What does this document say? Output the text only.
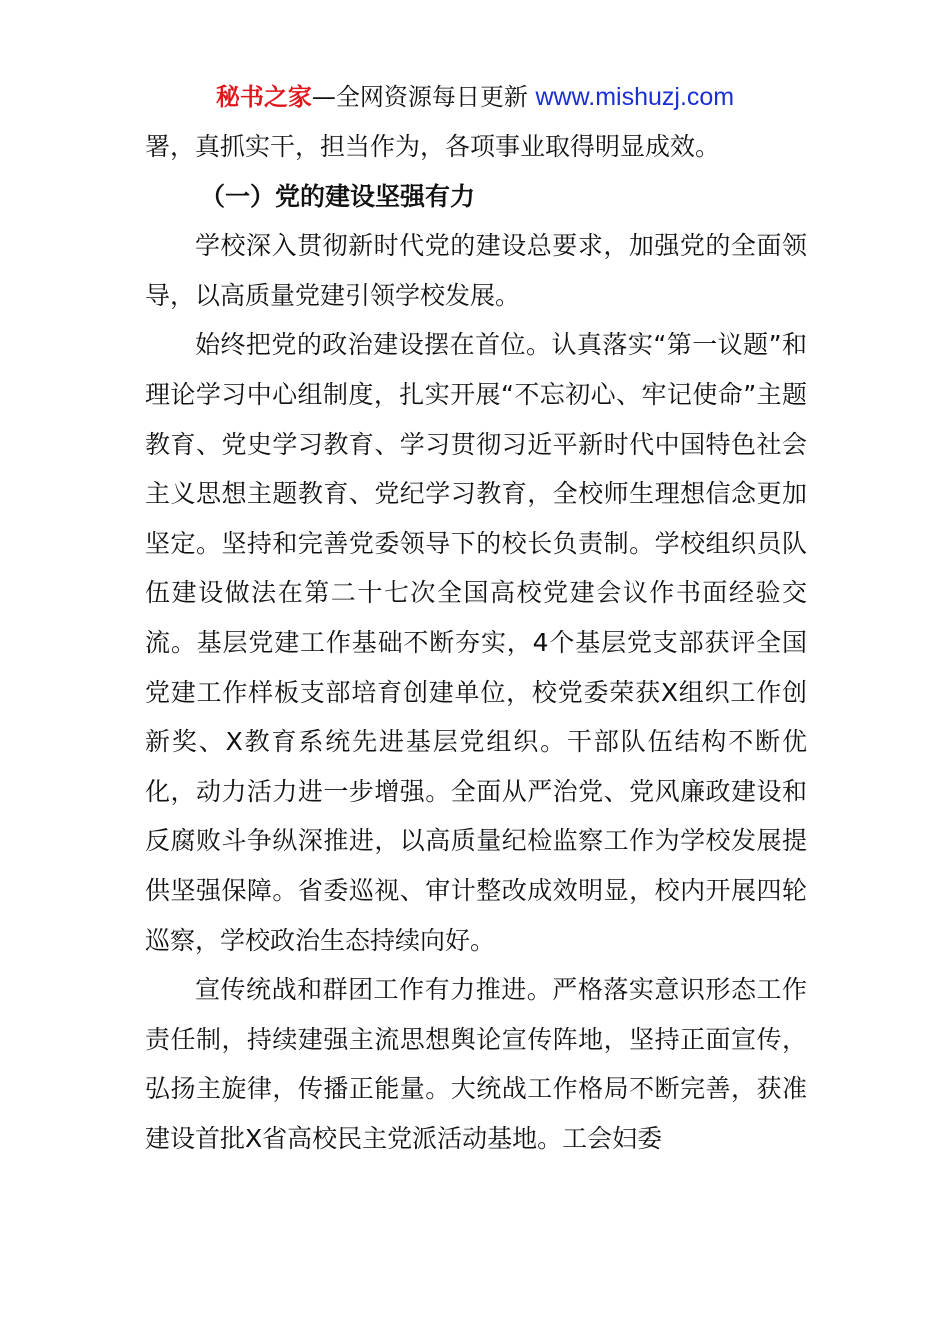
秘书之家—全网资源每日更新 www.mishuzj.com

署，真抓实干，担当作为，各项事业取得明显成效。

（一）党的建设坚强有力

学校深入贯彻新时代党的建设总要求，加强党的全面领导，以高质量党建引领学校发展。

始终把党的政治建设摆在首位。认真落实“第一议题”和理论学习中心组制度，扎实开展“不忘初心、牢记使命”主题教育、党史学习教育、学习贯彻习近平新时代中国特色社会主义思想主题教育、党纪学习教育，全校师生理想信念更加坚定。坚持和完善党委领导下的校长负责制。学校组织员队伍建设做法在第二十七次全国高校党建会议作书面经验交流。基层党建工作基础不断夯实，4个基层党支部获评全国党建工作样板支部培育创建单位，校党委荣获X组织工作创新奖、X教育系统先进基层党组织。干部队伍结构不断优化，动力活力进一步增强。全面从严治党、党风廉政建设和反腐败斗争纵深推进，以高质量纪检监察工作为学校发展提供坚强保障。省委巡视、审计整改成效明显，校内开展四轮巡察，学校政治生态持续向好。

宣传统战和群团工作有力推进。严格落实意识形态工作责任制，持续建强主流思想舆论宣传阵地，坚持正面宣传，弘扬主旋律，传播正能量。大统战工作格局不断完善，获准建设首批X省高校民主党派活动基地。工会妇委
